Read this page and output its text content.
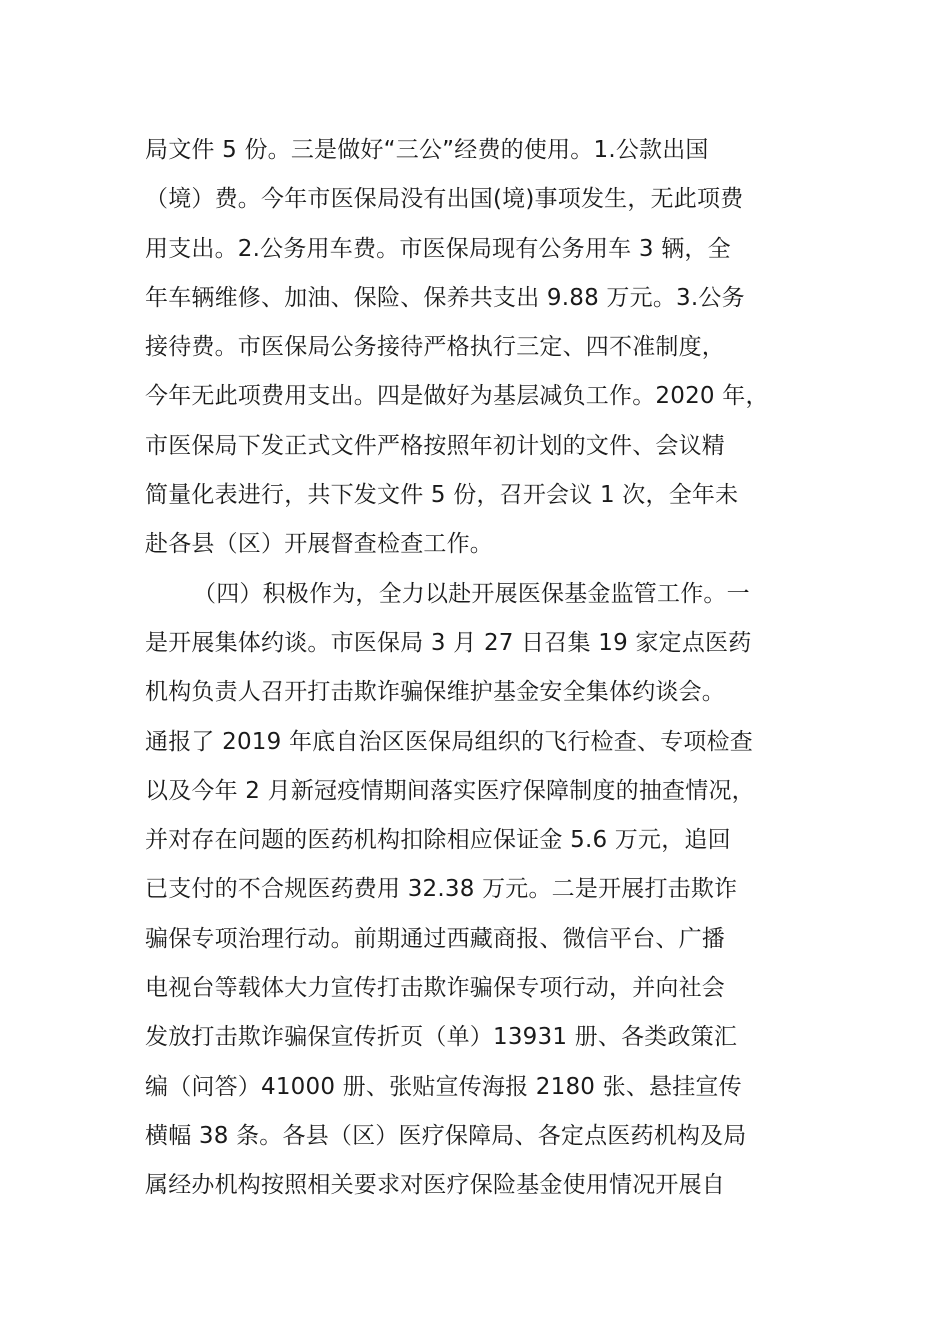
局文件 5 份。三是做好“三公”经费的使用。1.公款出国
（境）费。今年市医保局没有出国(境)事项发生，无此项费
用支出。2.公务用车费。市医保局现有公务用车 3 辆，全
年车辆维修、加油、保险、保养共支出 9.88 万元。3.公务
接待费。市医保局公务接待严格执行三定、四不准制度，
今年无此项费用支出。四是做好为基层减负工作。2020 年，
市医保局下发正式文件严格按照年初计划的文件、会议精
简量化表进行，共下发文件 5 份，召开会议 1 次，全年未
赴各县（区）开展督查检查工作。
（四）积极作为，全力以赴开展医保基金监管工作。一
是开展集体约谈。市医保局 3 月 27 日召集 19 家定点医药
机构负责人召开打击欺诈骗保维护基金安全集体约谈会。
通报了 2019 年底自治区医保局组织的飞行检查、专项检查
以及今年 2 月新冠疫情期间落实医疗保障制度的抽查情况，
并对存在问题的医药机构扣除相应保证金 5.6 万元，追回
已支付的不合规医药费用 32.38 万元。二是开展打击欺诈
骗保专项治理行动。前期通过西藏商报、微信平台、广播
电视台等载体大力宣传打击欺诈骗保专项行动，并向社会
发放打击欺诈骗保宣传折页（单）13931 册、各类政策汇
编（问答）41000 册、张贴宣传海报 2180 张、悬挂宣传
横幅 38 条。各县（区）医疗保障局、各定点医药机构及局
属经办机构按照相关要求对医疗保险基金使用情况开展自
